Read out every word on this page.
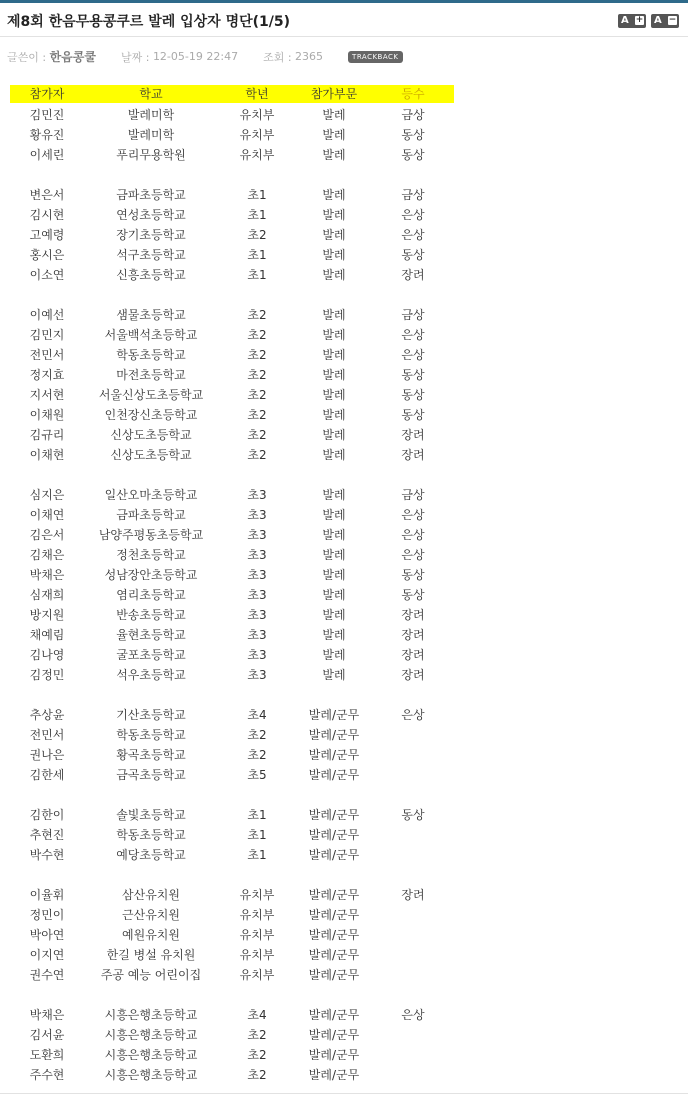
제8회 한음무용콩쿠르 발레 입상자 명단(1/5)	A + A −
글쓴이 : 한음콩쿨 날짜 : 12-05-19 22:47 조회 : 2365	TRACKBACK
참가자	학교	학년	참가부문	등수
김민진	발레미학	유치부	발레	금상
황유진	발레미학	유치부	발레	동상
이세린	푸리무용학원	유치부	발레	동상
변은서	금파초등학교	초1	발레	금상
김시현	연성초등학교	초1	발레	은상
고예령	장기초등학교	초2	발레	은상
홍시은	석구초등학교	초1	발레	동상
이소연	신흥초등학교	초1	발레	장려
이예선	샘물초등학교	초2	발레	금상
김민지	서울백석초등학교	초2	발레	은상
전민서	학동초등학교	초2	발레	은상
정지효	마전초등학교	초2	발레	동상
지서현	서울신상도초등학교	초2	발레	동상
이채원	인천장신초등학교	초2	발레	동상
김규리	신상도초등학교	초2	발레	장려
이채현	신상도초등학교	초2	발레	장려
심지은	일산오마초등학교	초3	발레	금상
이채연	금파초등학교	초3	발레	은상
김은서	남양주평동초등학교	초3	발레	은상
김채은	정천초등학교	초3	발레	은상
박채은	성남장안초등학교	초3	발레	동상
심재희	염리초등학교	초3	발레	동상
방지원	반송초등학교	초3	발레	장려
채예림	율현초등학교	초3	발레	장려
김나영	굴포초등학교	초3	발레	장려
김정민	석우초등학교	초3	발레	장려
추상윤	기산초등학교	초4	발레/군무	은상
전민서	학동초등학교	초2	발레/군무
권나은	황곡초등학교	초2	발레/군무
김한세	금곡초등학교	초5	발레/군무
김한이	솔빛초등학교	초1	발레/군무	동상
추현진	학동초등학교	초1	발레/군무
박수현	예당초등학교	초1	발레/군무
이율휘	삼산유치원	유치부	발레/군무	장려
정민이	근산유치원	유치부	발레/군무
박아연	예원유치원	유치부	발레/군무
이지연	한길 병설 유치원	유치부	발레/군무
권수연	주공 예능 어린이집	유치부	발레/군무
박채은	시흥은행초등학교	초4	발레/군무	은상
김서윤	시흥은행초등학교	초2	발레/군무
도환희	시흥은행초등학교	초2	발레/군무
주수현	시흥은행초등학교	초2	발레/군무
